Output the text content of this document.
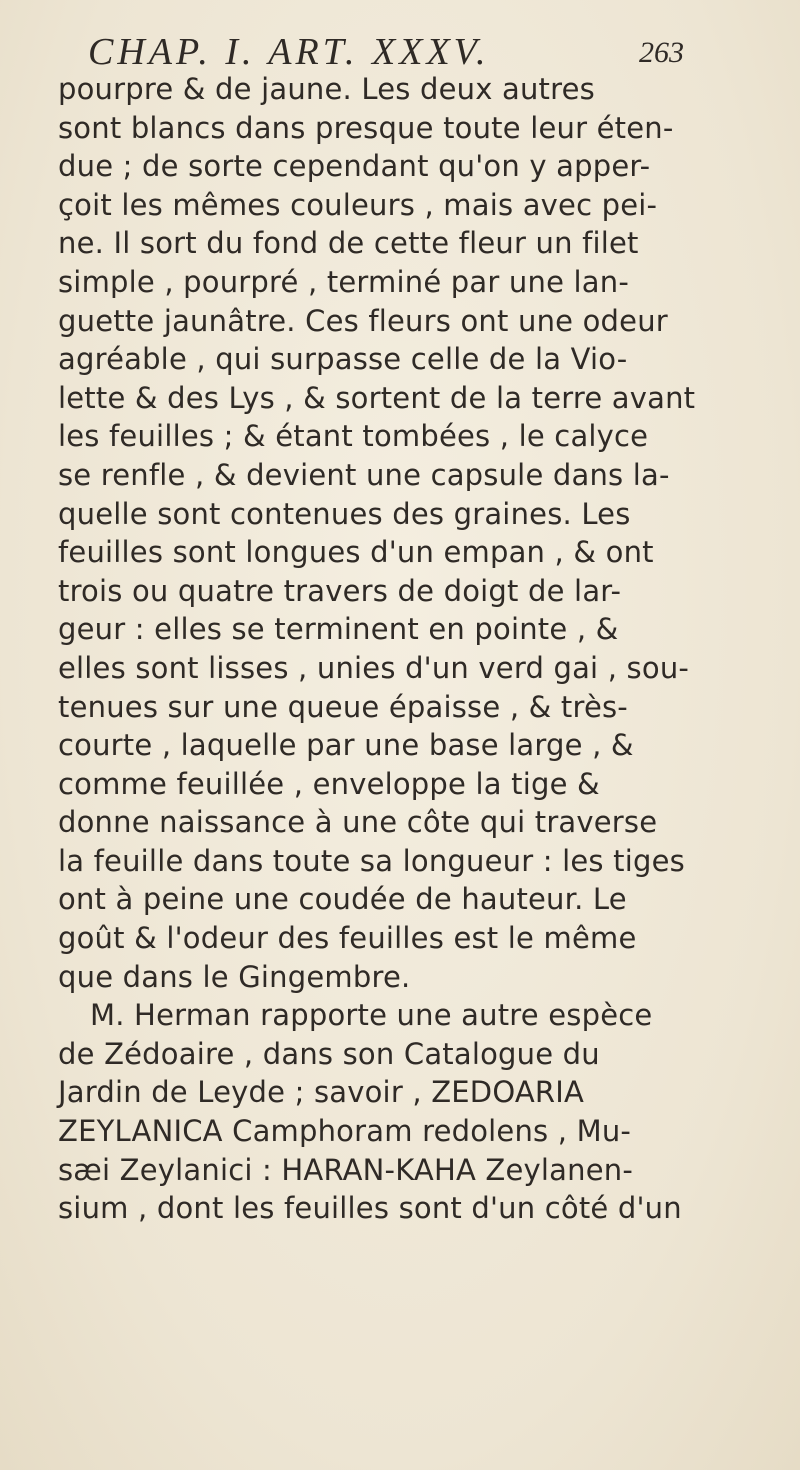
CHAP. I. ART. XXXV.	263
pourpre & de jaune. Les deux autres
sont blancs dans presque toute leur éten-
due ; de sorte cependant qu'on y apper-
çoit les mêmes couleurs , mais avec pei-
ne. Il sort du fond de cette fleur un filet
simple , pourpré , terminé par une lan-
guette jaunâtre. Ces fleurs ont une odeur
agréable , qui surpasse celle de la Vio-
lette & des Lys , & sortent de la terre avant
les feuilles ; & étant tombées , le calyce
se renfle , & devient une capsule dans la-
quelle sont contenues des graines. Les
feuilles sont longues d'un empan , & ont
trois ou quatre travers de doigt de lar-
geur : elles se terminent en pointe , &
elles sont lisses , unies d'un verd gai , sou-
tenues sur une queue épaisse , & très-
courte , laquelle par une base large , &
comme feuillée , enveloppe la tige &
donne naissance à une côte qui traverse
la feuille dans toute sa longueur : les tiges
ont à peine une coudée de hauteur. Le
goût & l'odeur des feuilles est le même
que dans le Gingembre.
M. Herman rapporte une autre espèce
de Zédoaire , dans son Catalogue du
Jardin de Leyde ; savoir , ZEDOARIA
ZEYLANICA Camphoram redolens , Mu-
sæi Zeylanici : HARAN-KAHA Zeylanen-
sium , dont les feuilles sont d'un côté d'un
